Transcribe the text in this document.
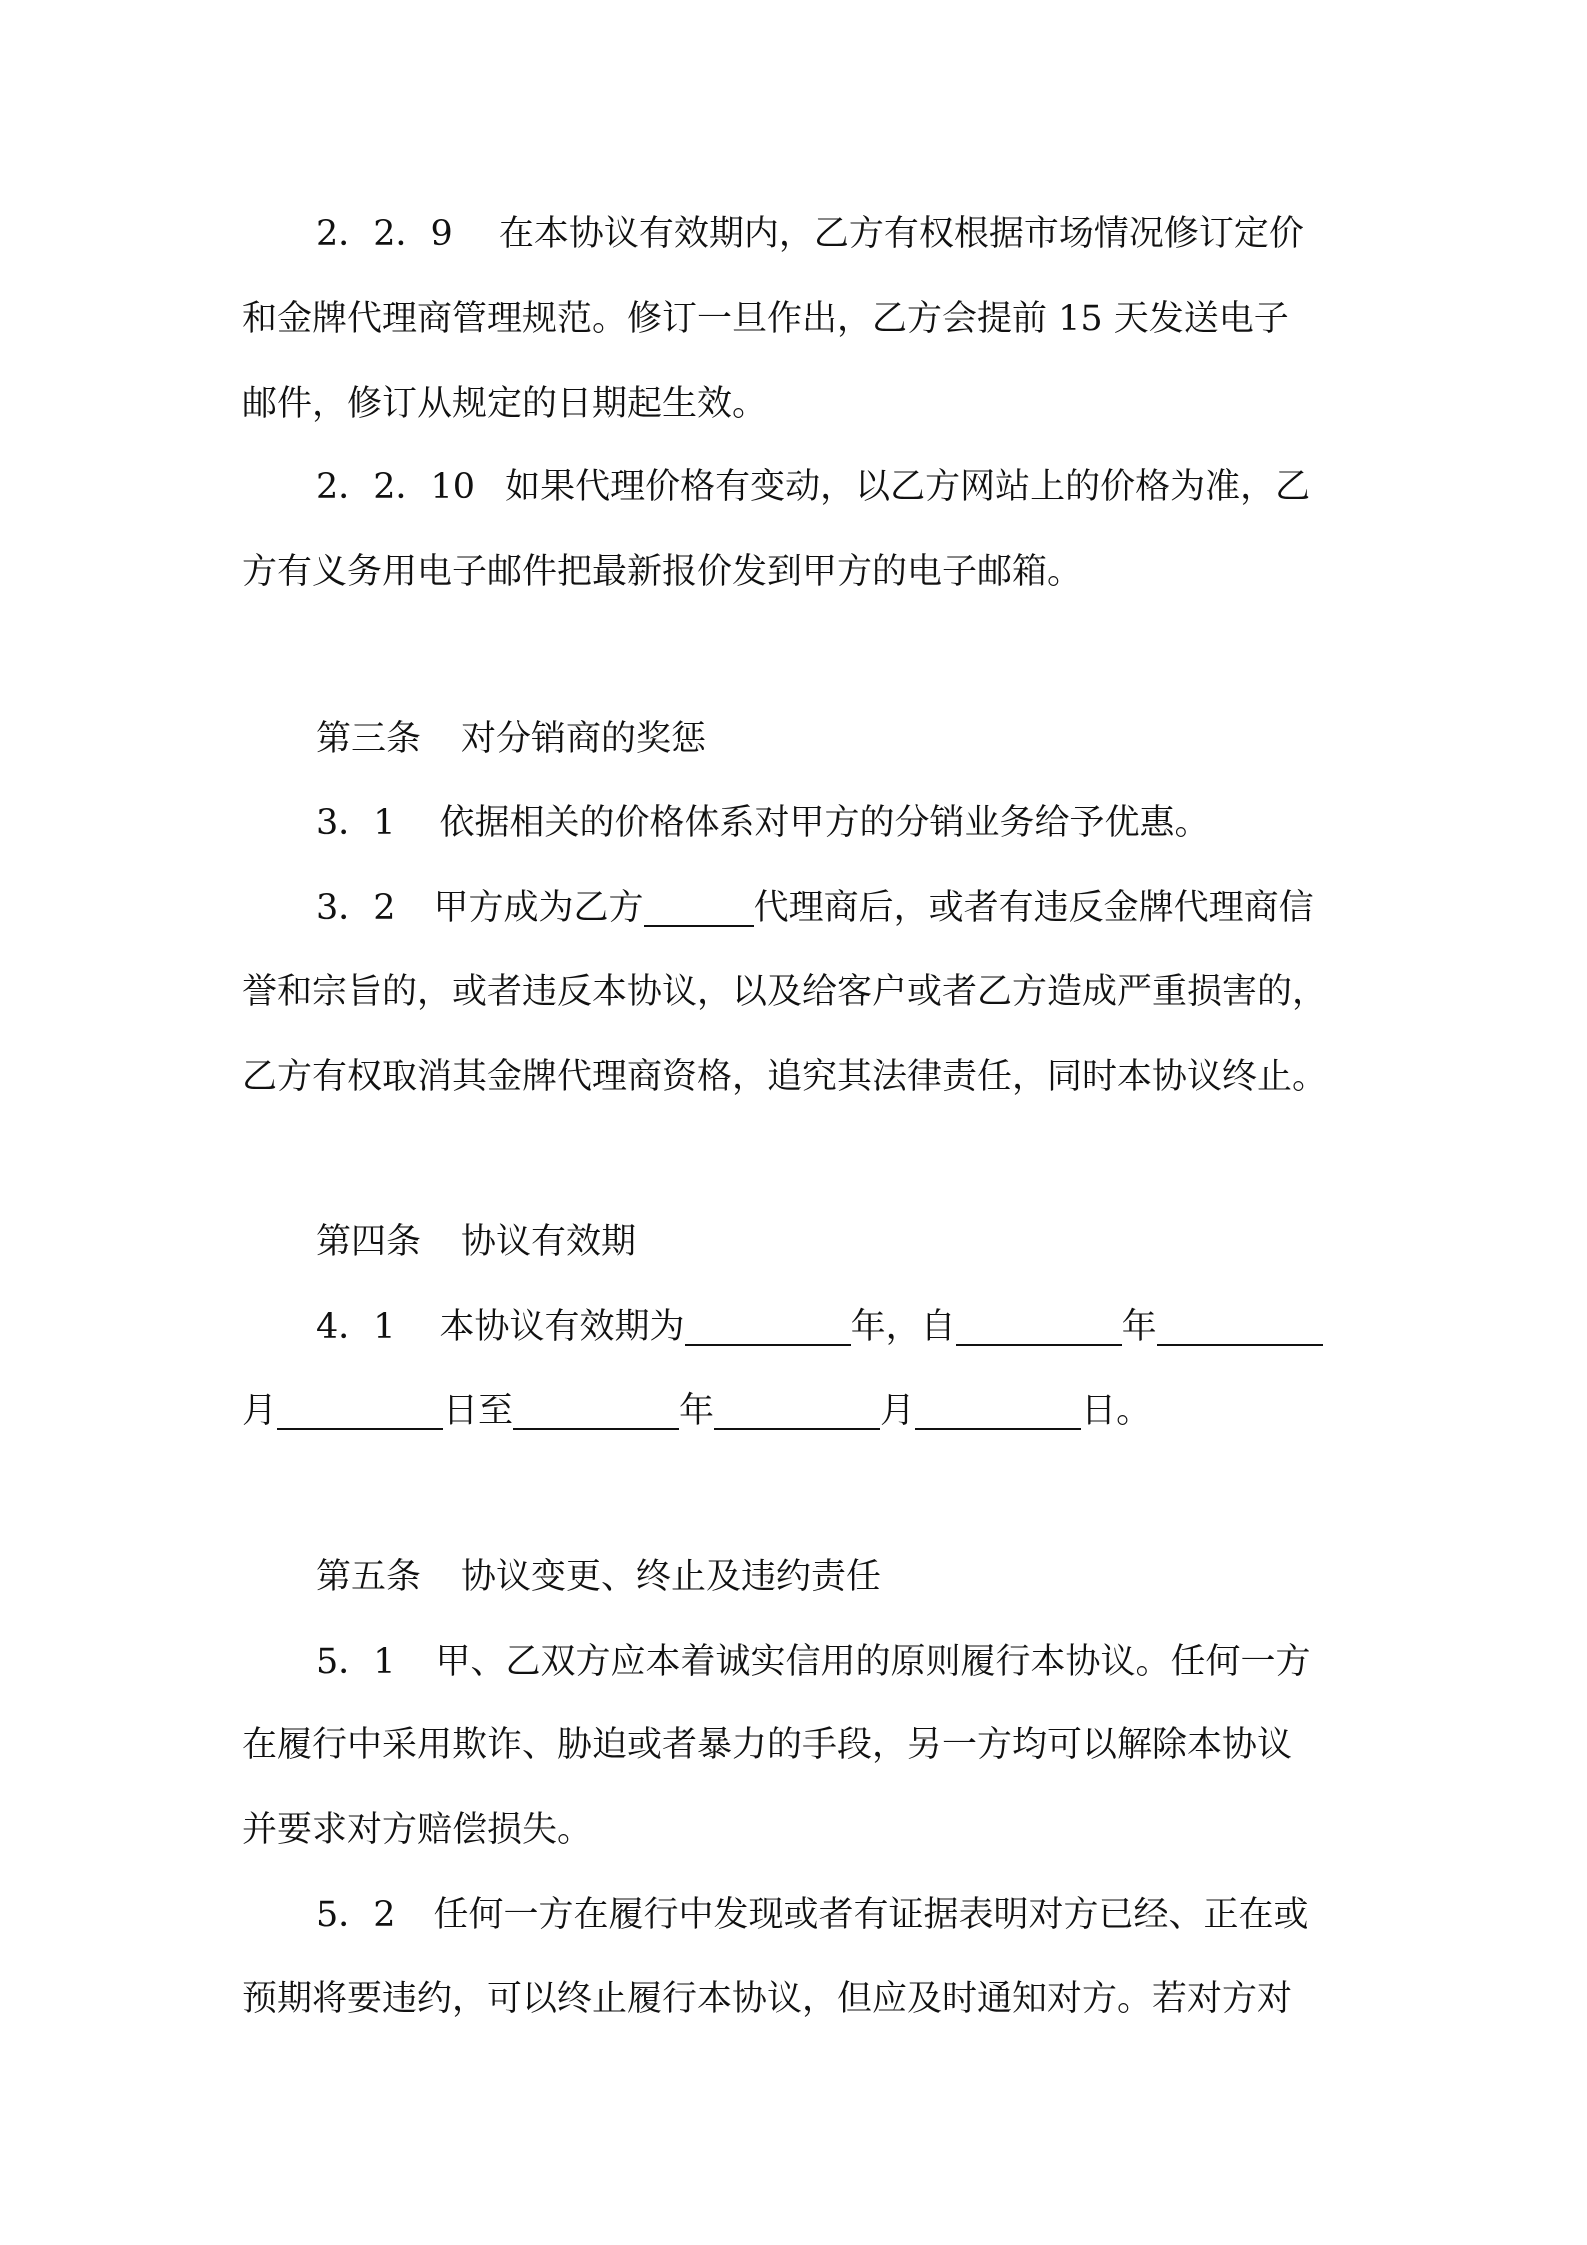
2．2．9 在本协议有效期内，乙方有权根据市场情况修订定价
和金牌代理商管理规范。修订一旦作出，乙方会提前 15 天发送电子
邮件，修订从规定的日期起生效。
2．2．10 如果代理价格有变动，以乙方网站上的价格为准，乙
方有义务用电子邮件把最新报价发到甲方的电子邮箱。
第三条 对分销商的奖惩
3．1 依据相关的价格体系对甲方的分销业务给予优惠。
3．2 甲方成为乙方	代理商后，或者有违反金牌代理商信
誉和宗旨的，或者违反本协议，以及给客户或者乙方造成严重损害的，
乙方有权取消其金牌代理商资格，追究其法律责任，同时本协议终止。
第四条 协议有效期
4．1 本协议有效期为	年，自	年
月	日至	年	月	日。
第五条 协议变更、终止及违约责任
5．1 甲、乙双方应本着诚实信用的原则履行本协议。任何一方
在履行中采用欺诈、胁迫或者暴力的手段，另一方均可以解除本协议
并要求对方赔偿损失。
5．2 任何一方在履行中发现或者有证据表明对方已经、正在或
预期将要违约，可以终止履行本协议，但应及时通知对方。若对方对
